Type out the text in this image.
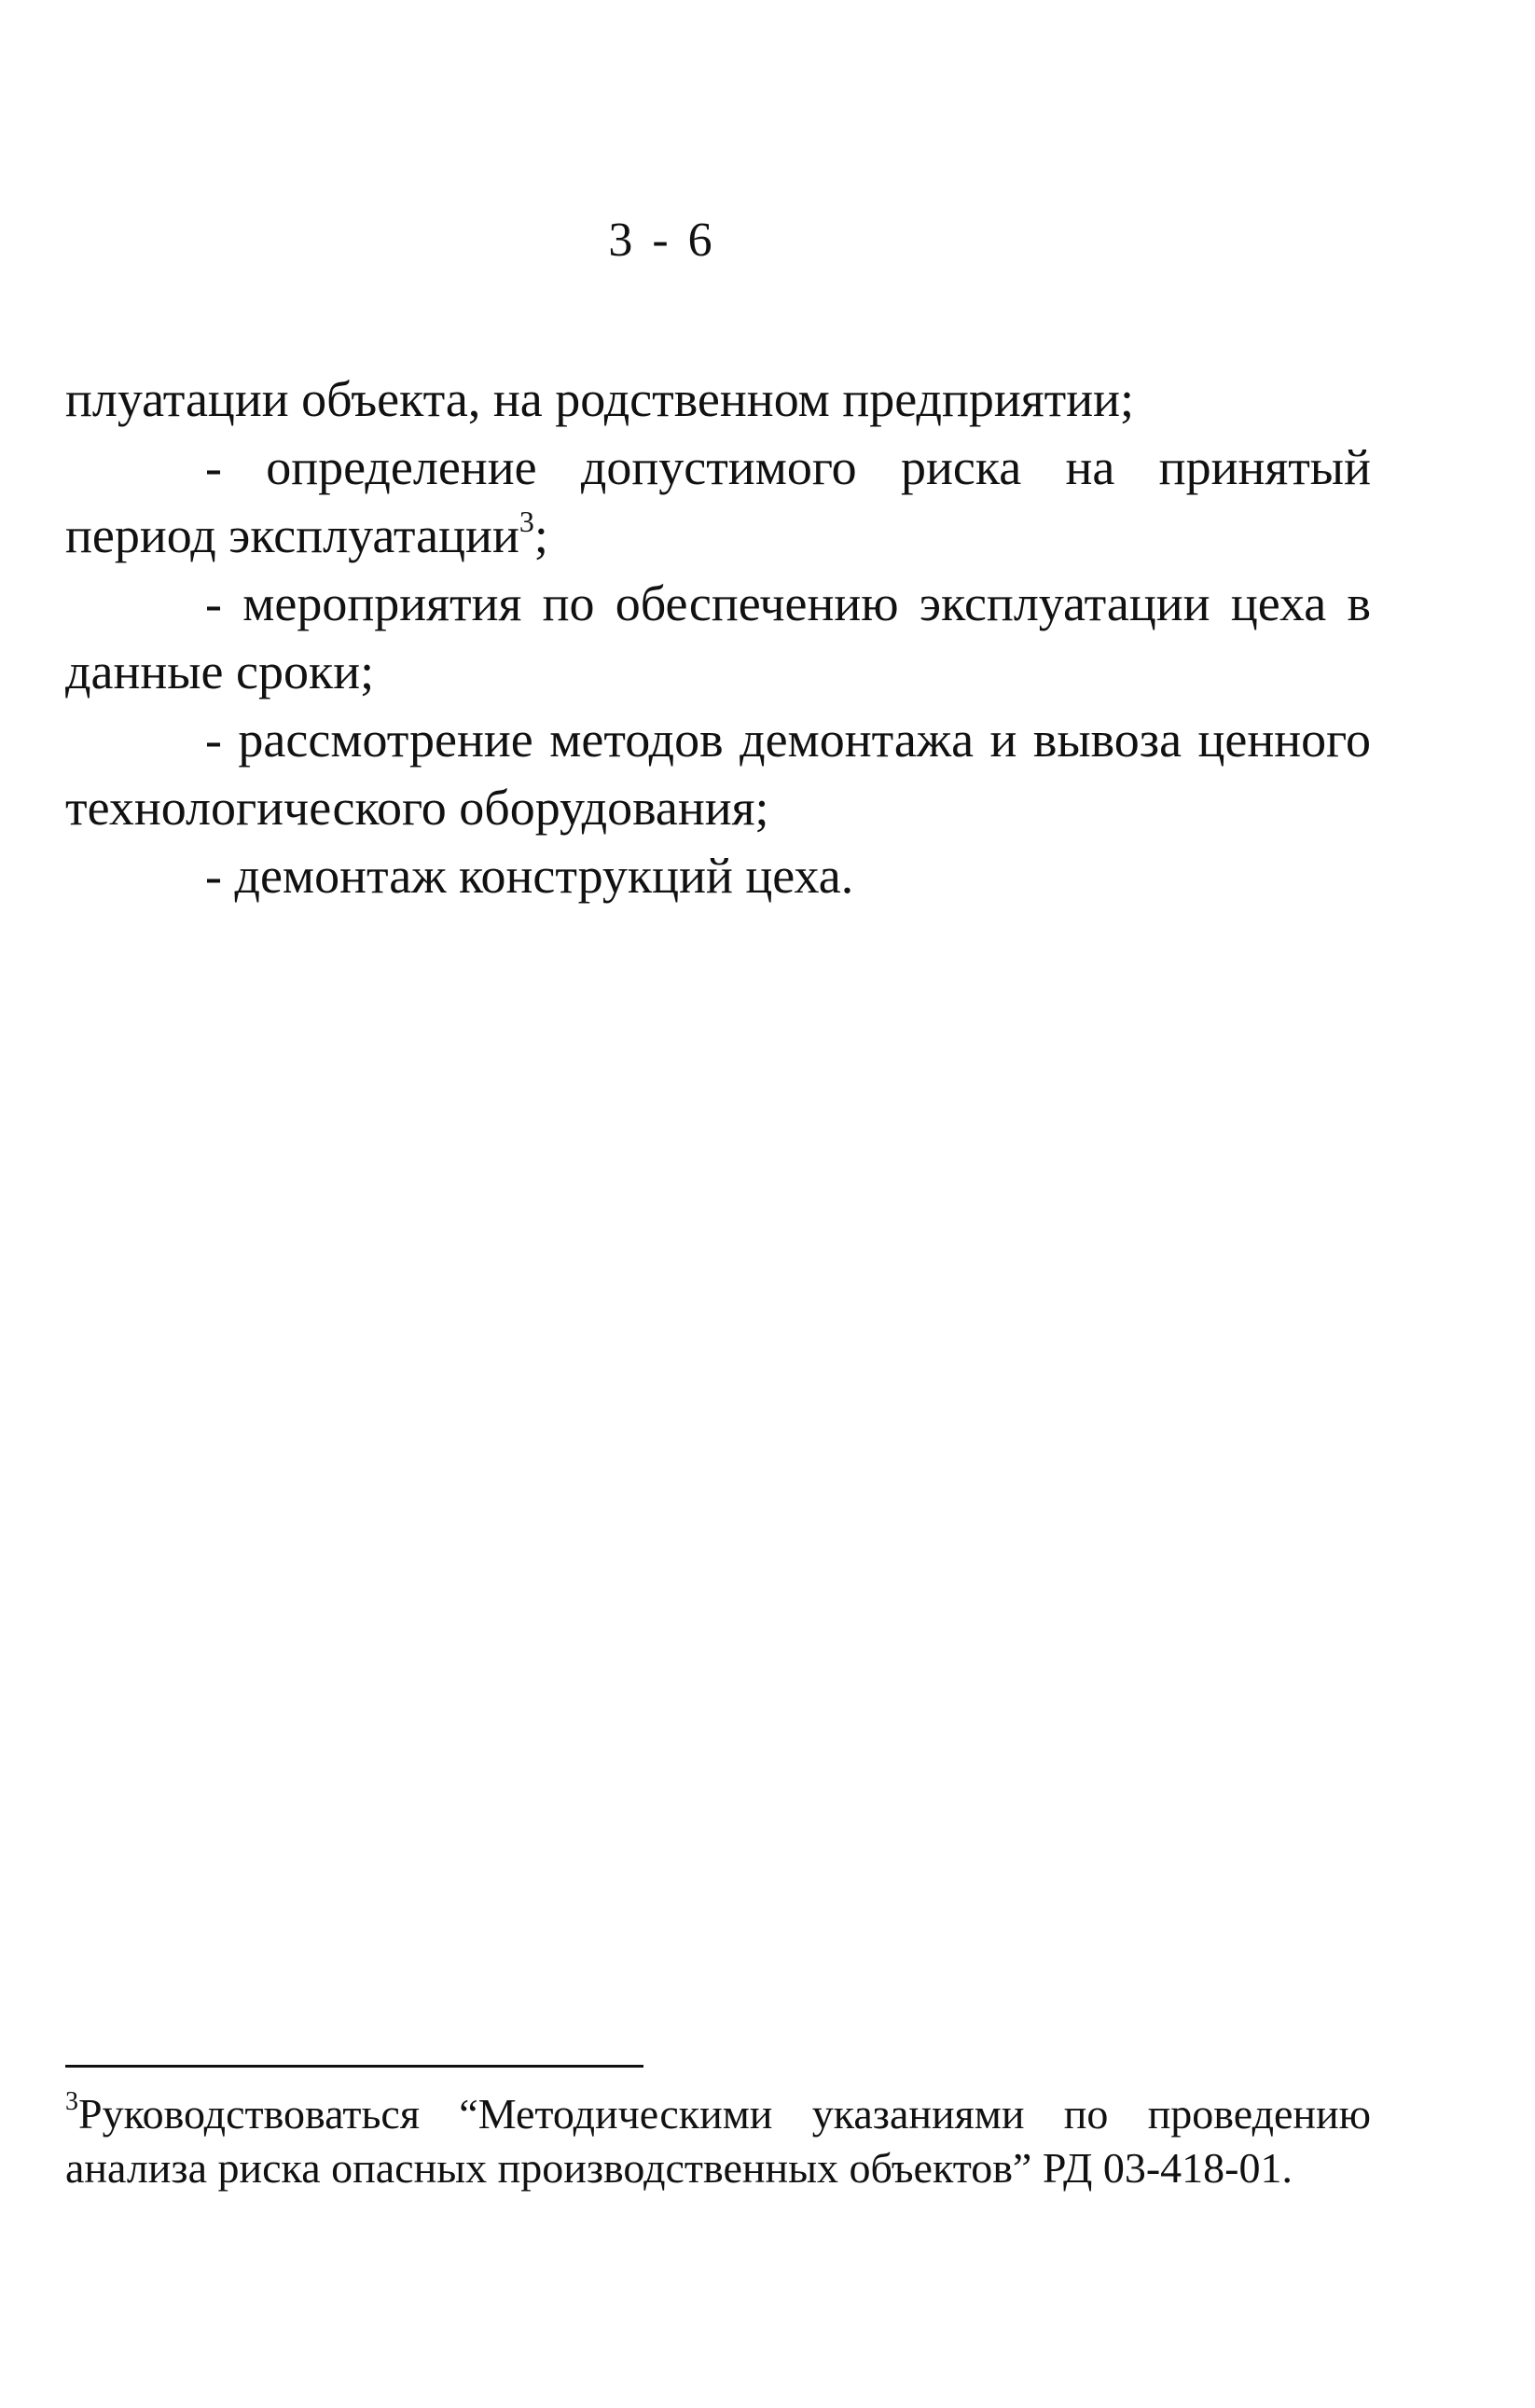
3 - 6

плуатации объекта, на родственном предприятии;

- определение допустимого риска на принятый период эксплуатации$^3$;

- мероприятия по обеспечению эксплуатации цеха в данные сроки;

- рассмотрение методов демонтажа и вывоза ценного технологического оборудования;

- демонтаж конструкций цеха.

$^3$Руководствоваться “Методическими указаниями по проведению анализа риска опасных производственных объектов” РД 03-418-01.
